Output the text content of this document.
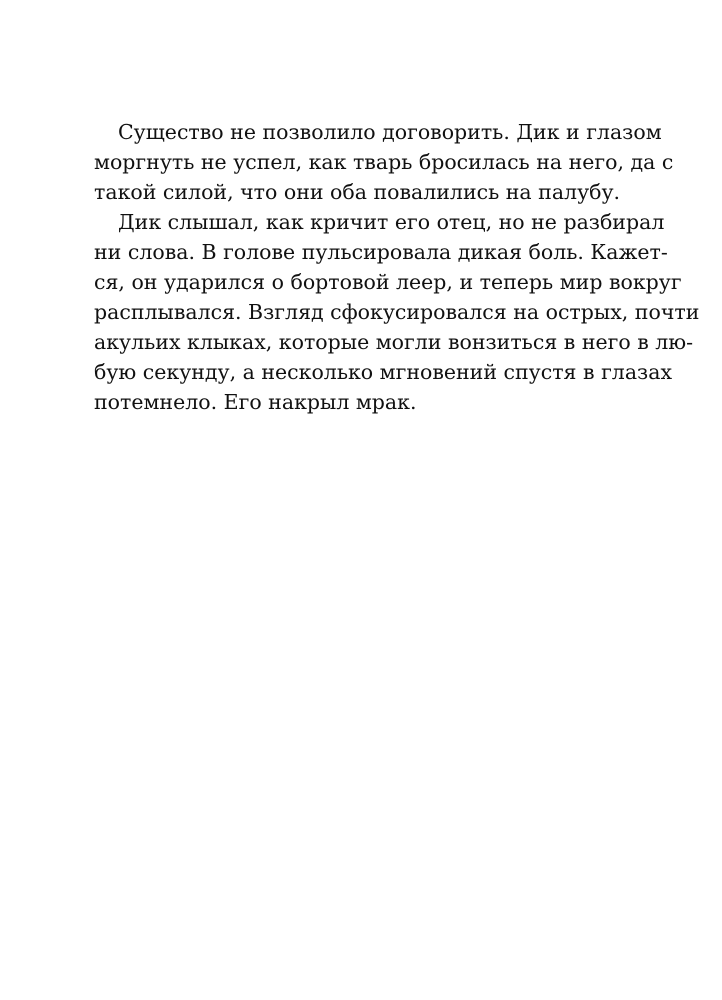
Существо не позволило договорить. Дик и глазом
моргнуть не успел, как тварь бросилась на него, да с
такой силой, что они оба повалились на палубу.
Дик слышал, как кричит его отец, но не разбирал
ни слова. В голове пульсировала дикая боль. Кажет-
ся, он ударился о бортовой леер, и теперь мир вокруг
расплывался. Взгляд сфокусировался на острых, почти
акульих клыках, которые могли вонзиться в него в лю-
бую секунду, а несколько мгновений спустя в глазах
потемнело. Его накрыл мрак.
